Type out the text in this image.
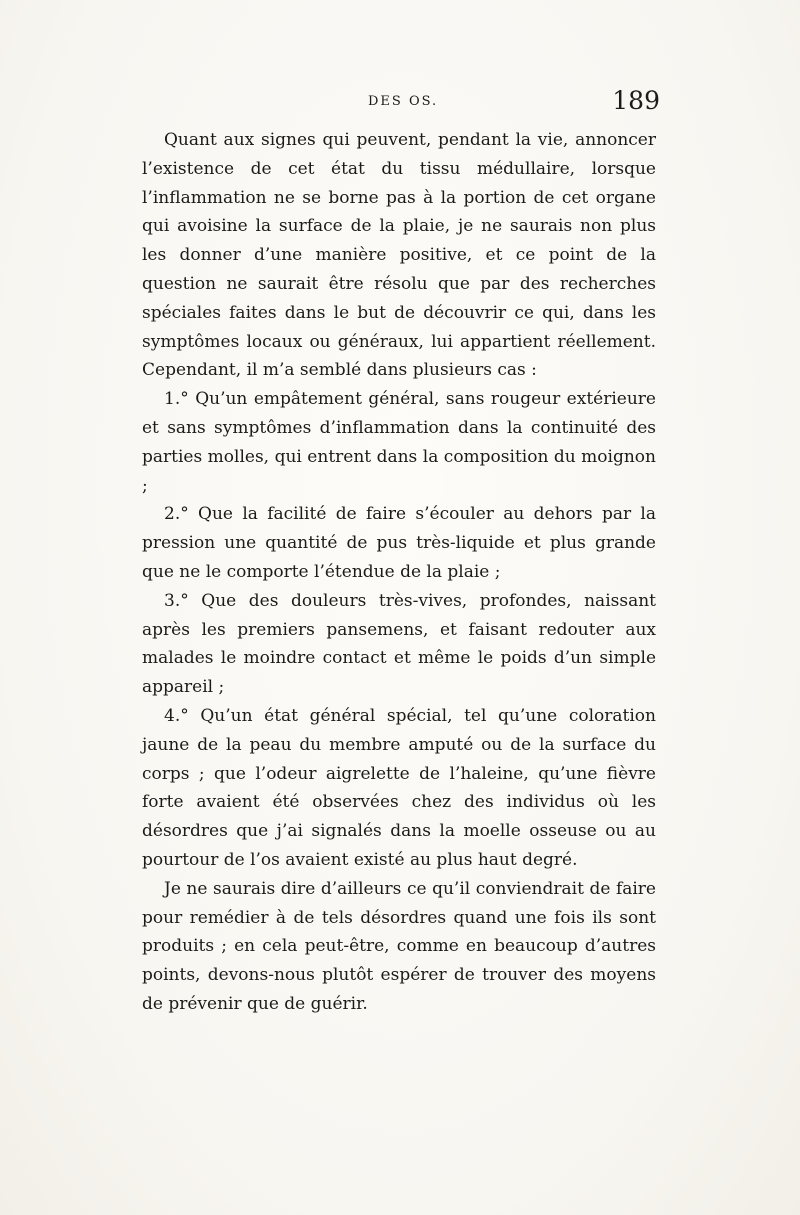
DES OS.	189

Quant aux signes qui peuvent, pendant la vie, annoncer l’existence de cet état du tissu médullaire, lorsque l’inflammation ne se borne pas à la portion de cet organe qui avoisine la surface de la plaie, je ne saurais non plus les donner d’une manière positive, et ce point de la question ne saurait être résolu que par des recherches spéciales faites dans le but de découvrir ce qui, dans les symptômes locaux ou généraux, lui appartient réellement. Cependant, il m’a semblé dans plusieurs cas :

1.° Qu’un empâtement général, sans rougeur extérieure et sans symptômes d’inflammation dans la continuité des parties molles, qui entrent dans la composition du moignon ;

2.° Que la facilité de faire s’écouler au dehors par la pression une quantité de pus très-liquide et plus grande que ne le comporte l’étendue de la plaie ;

3.° Que des douleurs très-vives, profondes, naissant après les premiers pansemens, et faisant redouter aux malades le moindre contact et même le poids d’un simple appareil ;

4.° Qu’un état général spécial, tel qu’une coloration jaune de la peau du membre amputé ou de la surface du corps ; que l’odeur aigrelette de l’haleine, qu’une fièvre forte avaient été observées chez des individus où les désordres que j’ai signalés dans la moelle osseuse ou au pourtour de l’os avaient existé au plus haut degré.

Je ne saurais dire d’ailleurs ce qu’il conviendrait de faire pour remédier à de tels désordres quand une fois ils sont produits ; en cela peut-être, comme en beaucoup d’autres points, devons-nous plutôt espérer de trouver des moyens de prévenir que de guérir.
